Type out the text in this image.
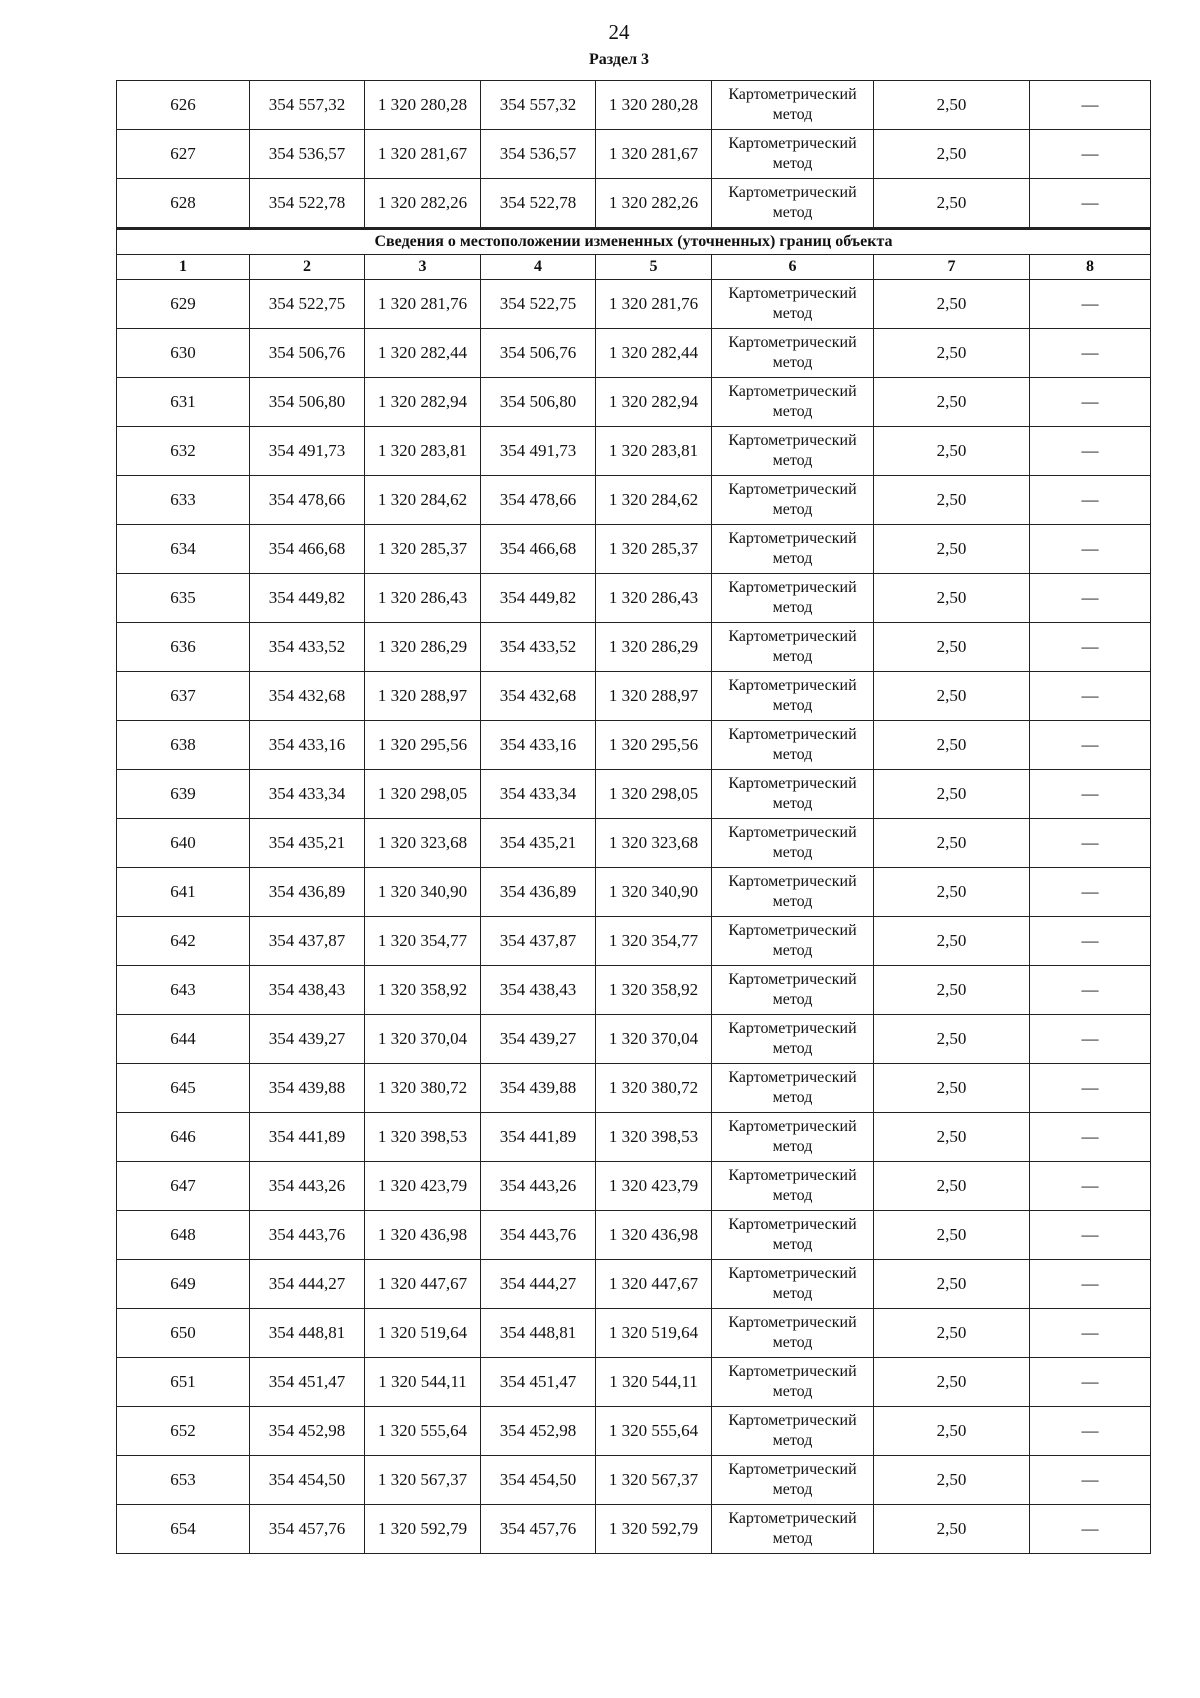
24
Раздел 3
626	354 557,32	1 320 280,28	354 557,32	1 320 280,28	Картометрический метод	2,50	—
627	354 536,57	1 320 281,67	354 536,57	1 320 281,67	Картометрический метод	2,50	—
628	354 522,78	1 320 282,26	354 522,78	1 320 282,26	Картометрический метод	2,50	—
Сведения о местоположении измененных (уточненных) границ объекта							
1	2	3	4	5	6	7	8
629	354 522,75	1 320 281,76	354 522,75	1 320 281,76	Картометрический метод	2,50	—
630	354 506,76	1 320 282,44	354 506,76	1 320 282,44	Картометрический метод	2,50	—
631	354 506,80	1 320 282,94	354 506,80	1 320 282,94	Картометрический метод	2,50	—
632	354 491,73	1 320 283,81	354 491,73	1 320 283,81	Картометрический метод	2,50	—
633	354 478,66	1 320 284,62	354 478,66	1 320 284,62	Картометрический метод	2,50	—
634	354 466,68	1 320 285,37	354 466,68	1 320 285,37	Картометрический метод	2,50	—
635	354 449,82	1 320 286,43	354 449,82	1 320 286,43	Картометрический метод	2,50	—
636	354 433,52	1 320 286,29	354 433,52	1 320 286,29	Картометрический метод	2,50	—
637	354 432,68	1 320 288,97	354 432,68	1 320 288,97	Картометрический метод	2,50	—
638	354 433,16	1 320 295,56	354 433,16	1 320 295,56	Картометрический метод	2,50	—
639	354 433,34	1 320 298,05	354 433,34	1 320 298,05	Картометрический метод	2,50	—
640	354 435,21	1 320 323,68	354 435,21	1 320 323,68	Картометрический метод	2,50	—
641	354 436,89	1 320 340,90	354 436,89	1 320 340,90	Картометрический метод	2,50	—
642	354 437,87	1 320 354,77	354 437,87	1 320 354,77	Картометрический метод	2,50	—
643	354 438,43	1 320 358,92	354 438,43	1 320 358,92	Картометрический метод	2,50	—
644	354 439,27	1 320 370,04	354 439,27	1 320 370,04	Картометрический метод	2,50	—
645	354 439,88	1 320 380,72	354 439,88	1 320 380,72	Картометрический метод	2,50	—
646	354 441,89	1 320 398,53	354 441,89	1 320 398,53	Картометрический метод	2,50	—
647	354 443,26	1 320 423,79	354 443,26	1 320 423,79	Картометрический метод	2,50	—
648	354 443,76	1 320 436,98	354 443,76	1 320 436,98	Картометрический метод	2,50	—
649	354 444,27	1 320 447,67	354 444,27	1 320 447,67	Картометрический метод	2,50	—
650	354 448,81	1 320 519,64	354 448,81	1 320 519,64	Картометрический метод	2,50	—
651	354 451,47	1 320 544,11	354 451,47	1 320 544,11	Картометрический метод	2,50	—
652	354 452,98	1 320 555,64	354 452,98	1 320 555,64	Картометрический метод	2,50	—
653	354 454,50	1 320 567,37	354 454,50	1 320 567,37	Картометрический метод	2,50	—
654	354 457,76	1 320 592,79	354 457,76	1 320 592,79	Картометрический метод	2,50	—
